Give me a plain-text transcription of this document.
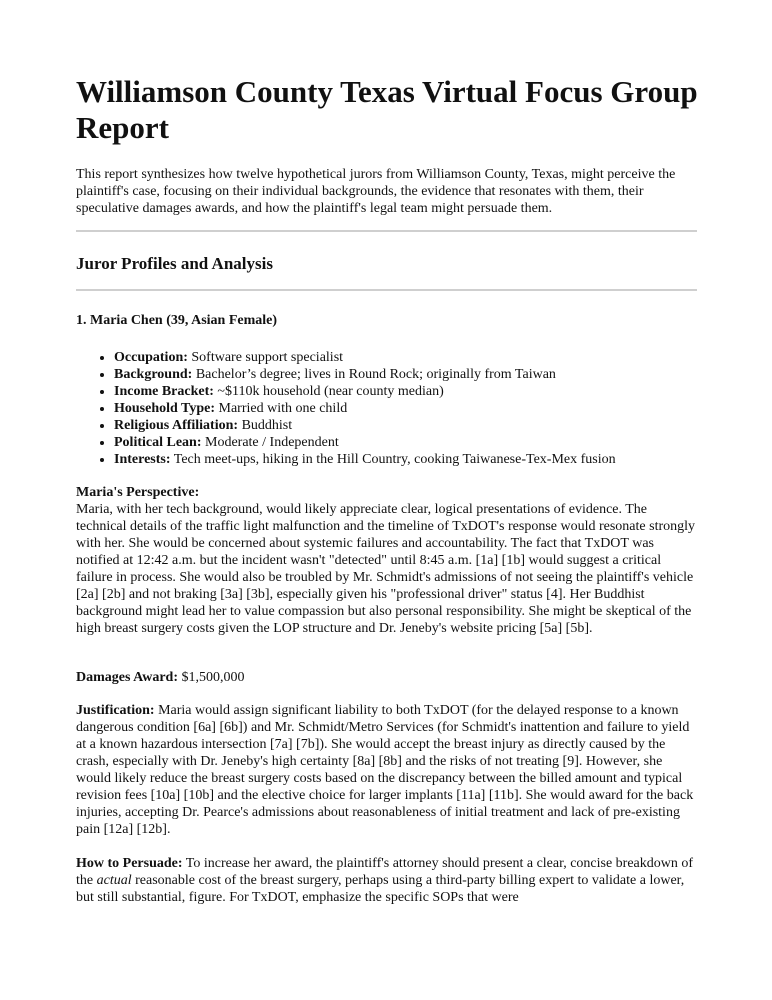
Williamson County Texas Virtual Focus Group Report

This report synthesizes how twelve hypothetical jurors from Williamson County, Texas, might perceive the plaintiff's case, focusing on their individual backgrounds, the evidence that resonates with them, their speculative damages awards, and how the plaintiff's legal team might persuade them.

Juror Profiles and Analysis
1. Maria Chen (39, Asian Female)
• Occupation: Software support specialist
• Background: Bachelor’s degree; lives in Round Rock; originally from Taiwan
• Income Bracket: ~$110k household (near county median)
• Household Type: Married with one child
• Religious Affiliation: Buddhist
• Political Lean: Moderate / Independent
• Interests: Tech meet-ups, hiking in the Hill Country, cooking Taiwanese-Tex-Mex fusion

Maria's Perspective:
Maria, with her tech background, would likely appreciate clear, logical presentations of evidence. The technical details of the traffic light malfunction and the timeline of TxDOT's response would resonate strongly with her. She would be concerned about systemic failures and accountability. The fact that TxDOT was notified at 12:42 a.m. but the incident wasn't "detected" until 8:45 a.m. [1a] [1b] would suggest a critical failure in process. She would also be troubled by Mr. Schmidt's admissions of not seeing the plaintiff's vehicle [2a] [2b] and not braking [3a] [3b], especially given his "professional driver" status [4]. Her Buddhist background might lead her to value compassion but also personal responsibility. She might be skeptical of the high breast surgery costs given the LOP structure and Dr. Jeneby's website pricing [5a] [5b].

Damages Award: $1,500,000

Justification: Maria would assign significant liability to both TxDOT (for the delayed response to a known dangerous condition [6a] [6b]) and Mr. Schmidt/Metro Services (for Schmidt's inattention and failure to yield at a known hazardous intersection [7a] [7b]). She would accept the breast injury as directly caused by the crash, especially with Dr. Jeneby's high certainty [8a] [8b] and the risks of not treating [9]. However, she would likely reduce the breast surgery costs based on the discrepancy between the billed amount and typical revision fees [10a] [10b] and the elective choice for larger implants [11a] [11b]. She would award for the back injuries, accepting Dr. Pearce's admissions about reasonableness of initial treatment and lack of pre-existing pain [12a] [12b].

How to Persuade: To increase her award, the plaintiff's attorney should present a clear, concise breakdown of the actual reasonable cost of the breast surgery, perhaps using a third-party billing expert to validate a lower, but still substantial, figure. For TxDOT, emphasize the specific SOPs that were
